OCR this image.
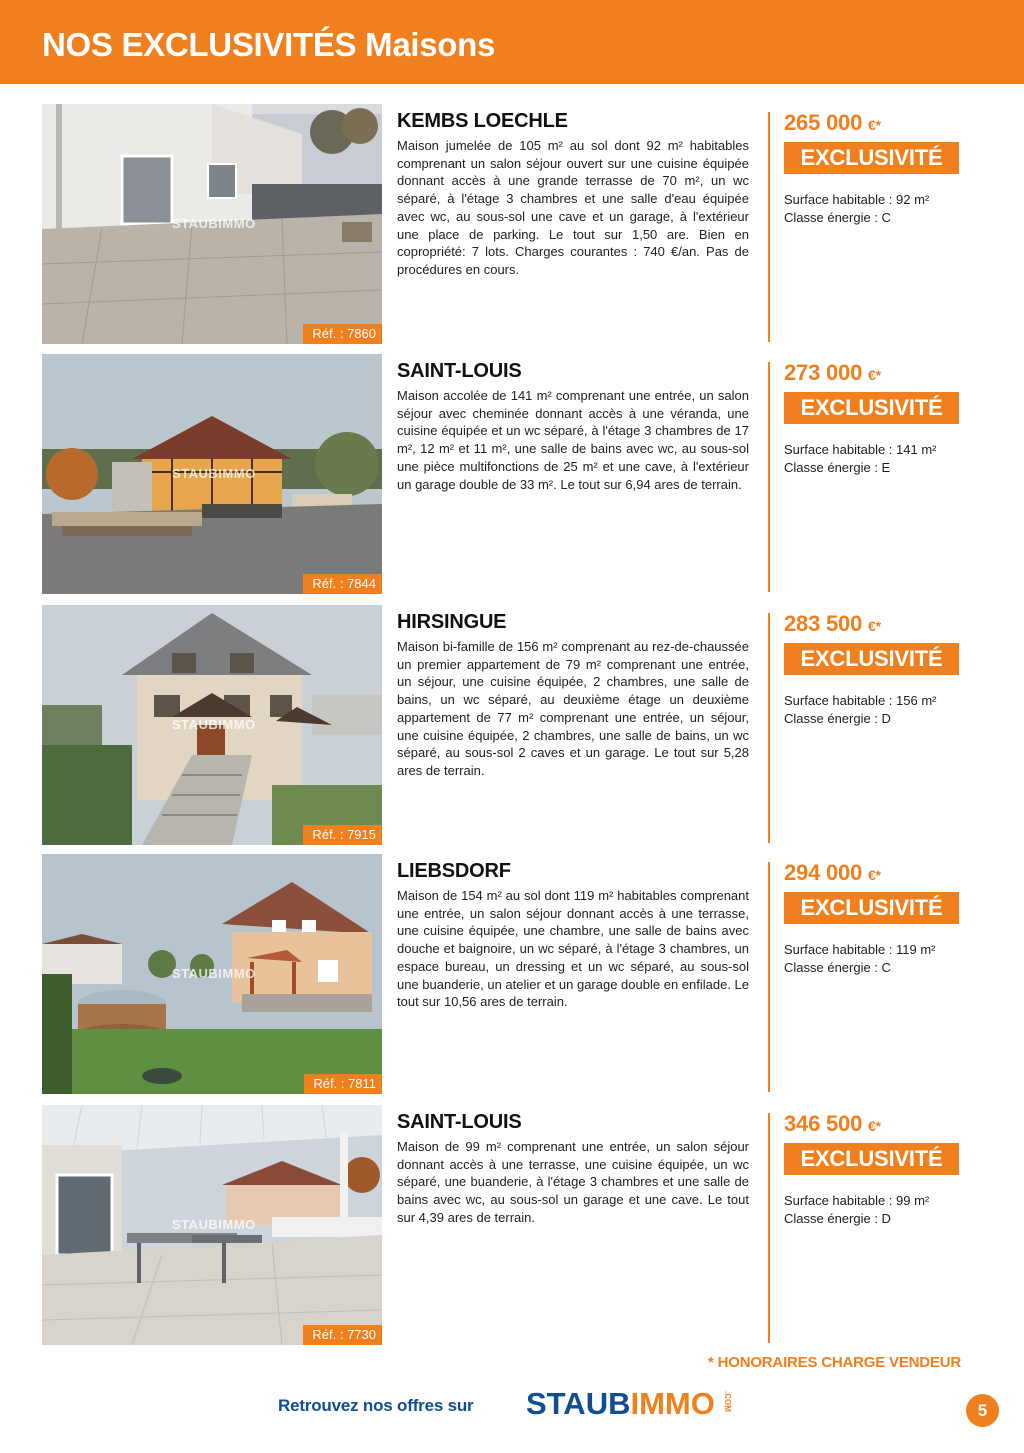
NOS EXCLUSIVITÉS Maisons
STAUBIMMO
Réf. : 7860
KEMBS LOECHLE

Maison jumelée de 105 m² au sol dont 92 m² habitables comprenant un salon séjour ouvert sur une cuisine équipée donnant accès à une grande terrasse de 70 m², un wc séparé, à l'étage 3 chambres et une salle d'eau équipée avec wc, au sous-sol une cave et un garage, à l'extérieur une place de parking. Le tout sur 1,50 are. Bien en copropriété: 7 lots. Charges courantes : 740 €/an. Pas de procédures en cours.

265 000 €*
EXCLUSIVITÉ
Surface habitable : 92 m²
Classe énergie : C
STAUBIMMO
Réf. : 7844
SAINT-LOUIS

Maison accolée de 141 m² comprenant une entrée, un salon séjour avec cheminée donnant accès à une véranda, une cuisine équipée et un wc séparé, à l'étage 3 chambres de 17 m², 12 m² et 11 m², une salle de bains avec wc, au sous-sol une pièce multifonctions de 25 m² et une cave, à l'extérieur un garage double de 33 m². Le tout sur 6,94 ares de terrain.

273 000 €*
EXCLUSIVITÉ
Surface habitable : 141 m²
Classe énergie : E
STAUBIMMO
Réf. : 7915
HIRSINGUE

Maison bi-famille de 156 m² comprenant au rez-de-chaussée un premier appartement de 79 m² comprenant une entrée, un séjour, une cuisine équipée, 2 chambres, une salle de bains, un wc séparé, au deuxième étage un deuxième appartement de 77 m² comprenant une entrée, un séjour, une cuisine équipée, 2 chambres, une salle de bains, un wc séparé, au sous-sol 2 caves et un garage. Le tout sur 5,28 ares de terrain.

283 500 €*
EXCLUSIVITÉ
Surface habitable : 156 m²
Classe énergie : D
STAUBIMMO
Réf. : 7811
LIEBSDORF

Maison de 154 m² au sol dont 119 m² habitables comprenant une entrée, un salon séjour donnant accès à une terrasse, une cuisine équipée, une chambre, une salle de bains avec douche et baignoire, un wc séparé, à l'étage 3 chambres, un espace bureau, un dressing et un wc séparé, au sous-sol une buanderie, un atelier et un garage double en enfilade. Le tout sur 10,56 ares de terrain.

294 000 €*
EXCLUSIVITÉ
Surface habitable : 119 m²
Classe énergie : C
STAUBIMMO
Réf. : 7730
SAINT-LOUIS

Maison de 99 m² comprenant une entrée, un salon séjour donnant accès à une terrasse, une cuisine équipée, un wc séparé, une buanderie, à l'étage 3 chambres et une salle de bains avec wc, au sous-sol un garage et une cave. Le tout sur 4,39 ares de terrain.

346 500 €*
EXCLUSIVITÉ
Surface habitable : 99 m²
Classe énergie : D
* HONORAIRES CHARGE VENDEUR
Retrouvez nos offres sur STAUBIMMO .COM	5
